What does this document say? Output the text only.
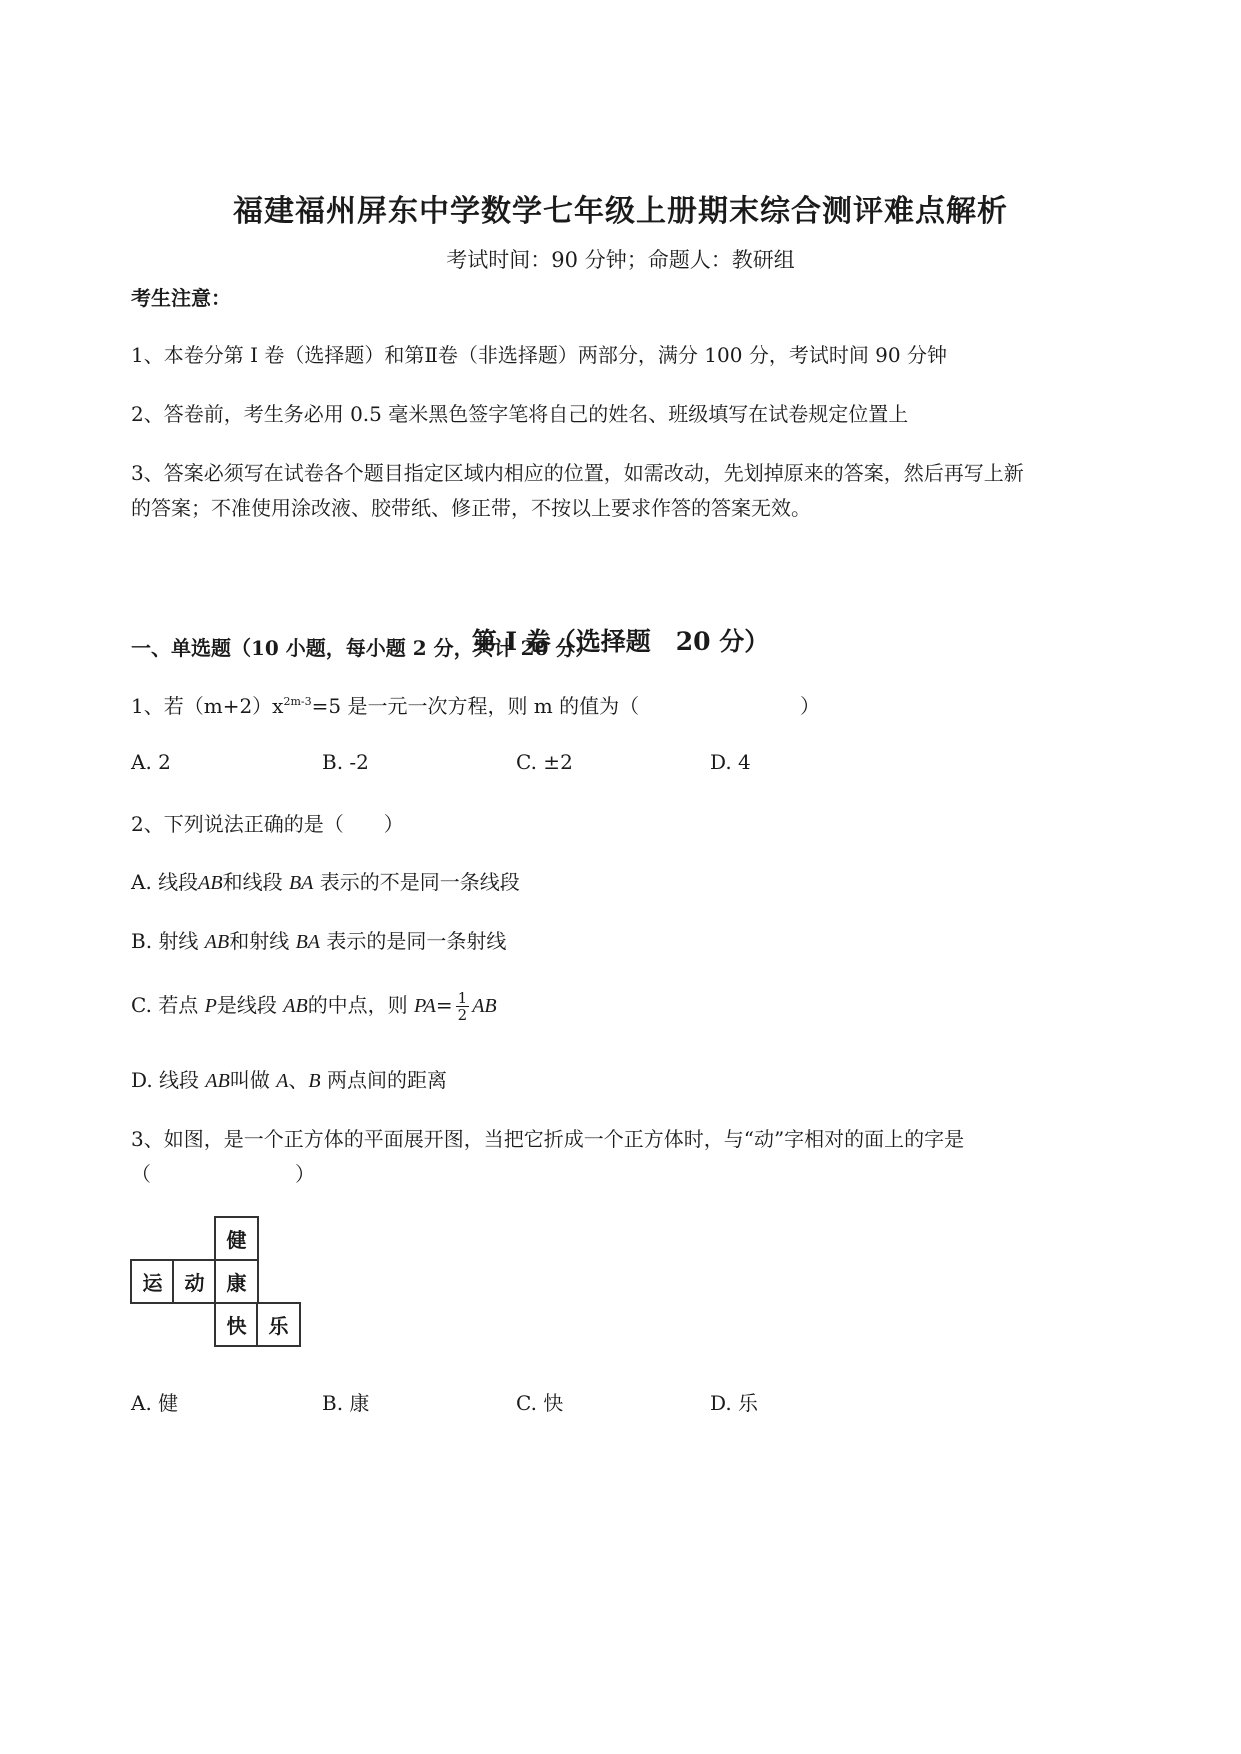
福建福州屏东中学数学七年级上册期末综合测评难点解析
考试时间：90 分钟；命题人：教研组
考生注意：
1、本卷分第 I 卷（选择题）和第Ⅱ卷（非选择题）两部分，满分 100 分，考试时间 90 分钟
2、答卷前，考生务必用 0.5 毫米黑色签字笔将自己的姓名、班级填写在试卷规定位置上
3、答案必须写在试卷各个题目指定区域内相应的位置，如需改动，先划掉原来的答案，然后再写上新
的答案；不准使用涂改液、胶带纸、修正带，不按以上要求作答的答案无效。
第 I 卷（选择题　20 分）
一、单选题（10 小题，每小题 2 分，共计 20 分）
1、若$(m+2)x^{2m-3}=5$ 是一元一次方程，则 m 的值为（	）
A. 2	B. -2	C. ±2	D. 4
2、下列说法正确的是（　　）
A. 线段AB和线段 BA 表示的不是同一条线段
B. 射线 AB和射线 BA 表示的是同一条射线
C. 若点 P是线段 AB的中点，则 $PA= \frac{1}{2}$ AB
D. 线段 AB叫做 A、B 两点间的距离
3、如图，是一个正方体的平面展开图，当把它折成一个正方体时，与“动”字相对的面上的字是
（	）
健
运	动	康
快	乐
A. 健	B. 康	C. 快	D. 乐
